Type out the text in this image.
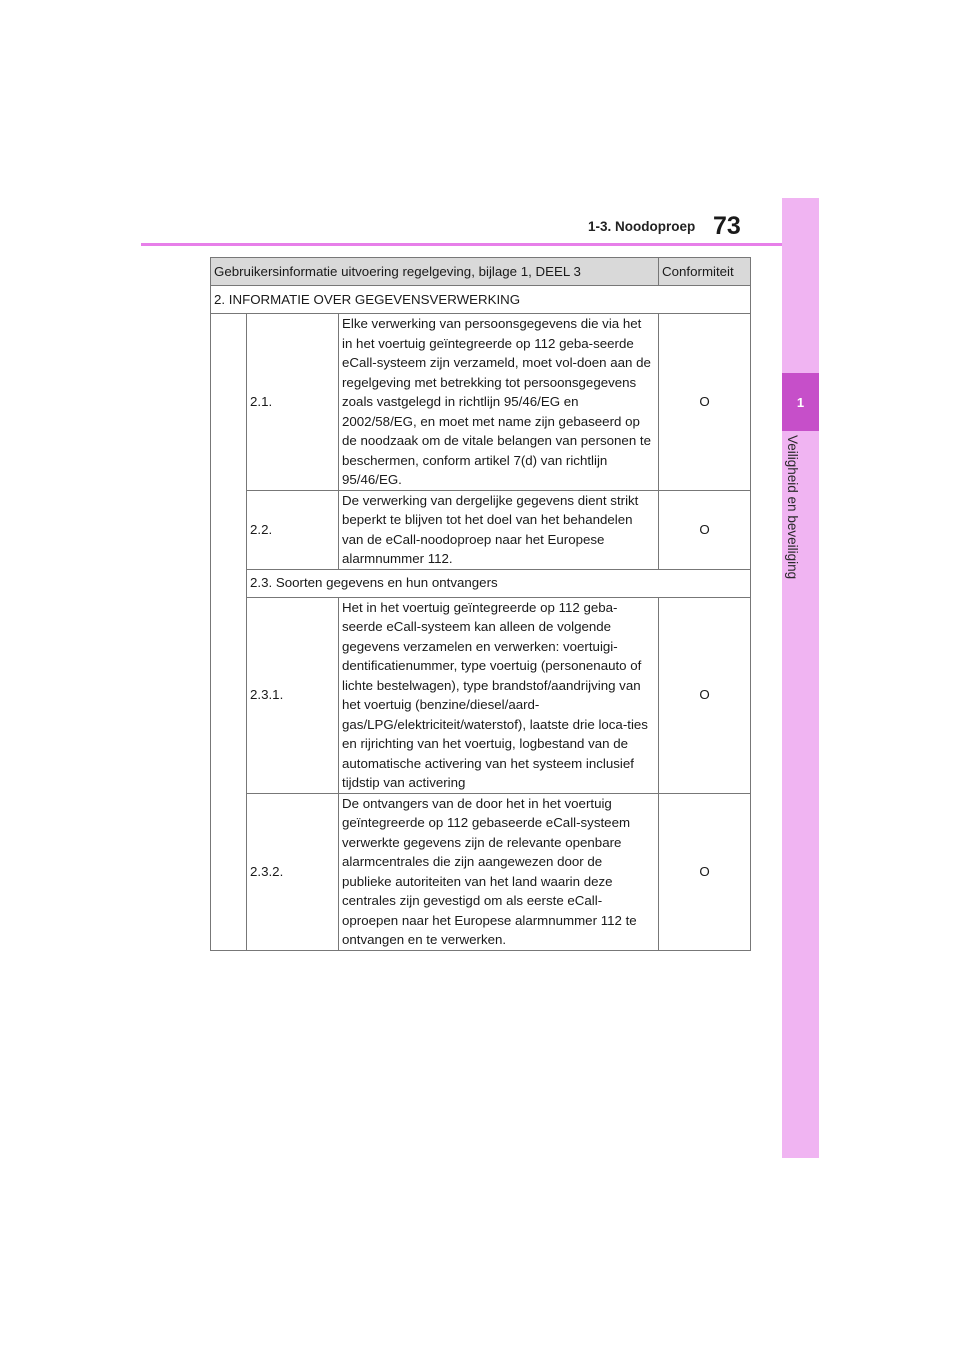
1-3. Noodoproep 73
1
Veiligheid en beveiliging
Gebruikersinformatie uitvoering regelgeving, bijlage 1, DEEL 3			Conformiteit
2. INFORMATIE OVER GEGEVENSVERWERKING			
	2.1.	Elke verwerking van persoonsgegevens die via het in het voertuig geïntegreerde op 112 geba-seerde eCall-systeem zijn verzameld, moet vol-doen aan de regelgeving met betrekking tot persoonsgegevens zoals vastgelegd in richtlijn 95/46/EG en 2002/58/EG, en moet met name zijn gebaseerd op de noodzaak om de vitale belangen van personen te beschermen, conform artikel 7(d) van richtlijn 95/46/EG.	O
	2.2.	De verwerking van dergelijke gegevens dient strikt beperkt te blijven tot het doel van het behandelen van de eCall-noodoproep naar het Europese alarmnummer 112.	O
	2.3. Soorten gegevens en hun ontvangers		
	2.3.1.	Het in het voertuig geïntegreerde op 112 geba-seerde eCall-systeem kan alleen de volgende gegevens verzamelen en verwerken: voertuigi-dentificatienummer, type voertuig (personenauto of lichte bestelwagen), type brandstof/aandrijving van het voertuig (benzine/diesel/aard-gas/LPG/elektriciteit/waterstof), laatste drie loca-ties en rijrichting van het voertuig, logbestand van de automatische activering van het systeem inclusief tijdstip van activering	O
	2.3.2.	De ontvangers van de door het in het voertuig geïntegreerde op 112 gebaseerde eCall-systeem verwerkte gegevens zijn de relevante openbare alarmcentrales die zijn aangewezen door de publieke autoriteiten van het land waarin deze centrales zijn gevestigd om als eerste eCall-oproepen naar het Europese alarmnummer 112 te ontvangen en te verwerken.	O
